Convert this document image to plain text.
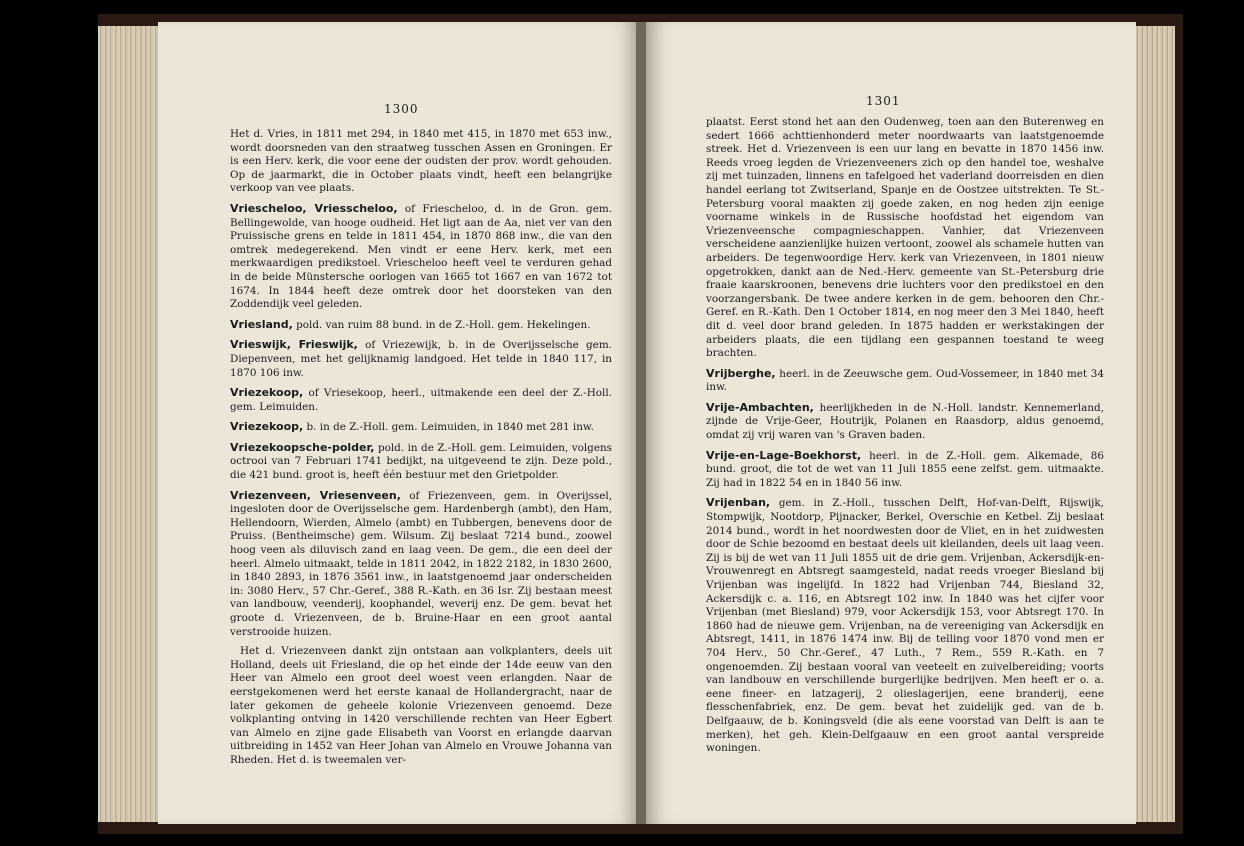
1300

Het d. Vries, in 1811 met 294, in 1840 met 415, in 1870 met 653 inw., wordt doorsneden van den straatweg tusschen Assen en Groningen. Er is een Herv. kerk, die voor eene der oudsten der prov. wordt gehouden. Op de jaarmarkt, die in October plaats vindt, heeft een belangrijke verkoop van vee plaats.

Vriescheloo, Vriesscheloo, of Friescheloo, d. in de Gron. gem. Bellingewolde, van hooge oudheid. Het ligt aan de Aa, niet ver van den Pruissische grens en telde in 1811 454, in 1870 868 inw., die van den omtrek medegerekend. Men vindt er eene Herv. kerk, met een merkwaardigen predikstoel. Vriescheloo heeft veel te verduren gehad in de beide Münstersche oorlogen van 1665 tot 1667 en van 1672 tot 1674. In 1844 heeft deze omtrek door het doorsteken van den Zoddendijk veel geleden.

Vriesland, pold. van ruim 88 bund. in de Z.-Holl. gem. Hekelingen.

Vrieswijk, Frieswijk, of Vriezewijk, b. in de Overijsselsche gem. Diepenveen, met het gelijknamig landgoed. Het telde in 1840 117, in 1870 106 inw.

Vriezekoop, of Vriesekoop, heerl., uitmakende een deel der Z.-Holl. gem. Leimuiden.

Vriezekoop, b. in de Z.-Holl. gem. Leimuiden, in 1840 met 281 inw.

Vriezekoopsche-polder, pold. in de Z.-Holl. gem. Leimuiden, volgens octrooi van 7 Februari 1741 bedijkt, na uitgeveend te zijn. Deze pold., die 421 bund. groot is, heeft één bestuur met den Grietpolder.

Vriezenveen, Vriesenveen, of Friezenveen, gem. in Overijssel, ingesloten door de Overijsselsche gem. Hardenbergh (ambt), den Ham, Hellendoorn, Wierden, Almelo (ambt) en Tubbergen, benevens door de Pruiss. (Bentheimsche) gem. Wilsum. Zij beslaat 7214 bund., zoowel hoog veen als diluvisch zand en laag veen. De gem., die een deel der heerl. Almelo uitmaakt, telde in 1811 2042, in 1822 2182, in 1830 2600, in 1840 2893, in 1876 3561 inw., in laatstgenoemd jaar onderscheiden in: 3080 Herv., 57 Chr.-Geref., 388 R.-Kath. en 36 Isr. Zij bestaan meest van landbouw, veenderij, koophandel, weverij enz. De gem. bevat het groote d. Vriezenveen, de b. Bruine-Haar en een groot aantal verstrooide huizen.

Het d. Vriezenveen dankt zijn ontstaan aan volkplanters, deels uit Holland, deels uit Friesland, die op het einde der 14de eeuw van den Heer van Almelo een groot deel woest veen erlangden. Naar de eerstgekomenen werd het eerste kanaal de Hollandergracht, naar de later gekomen de geheele kolonie Vriezenveen genoemd. Deze volkplanting ontving in 1420 verschillende rechten van Heer Egbert van Almelo en zijne gade Elisabeth van Voorst en erlangde daarvan uitbreiding in 1452 van Heer Johan van Almelo en Vrouwe Johanna van Rheden. Het d. is tweemalen ver-

1301

plaatst. Eerst stond het aan den Oudenweg, toen aan den Buterenweg en sedert 1666 achttienhonderd meter noordwaarts van laatstgenoemde streek. Het d. Vriezenveen is een uur lang en bevatte in 1870 1456 inw. Reeds vroeg legden de Vriezenveeners zich op den handel toe, weshalve zij met tuinzaden, linnens en tafelgoed het vaderland doorreisden en dien handel eerlang tot Zwitserland, Spanje en de Oostzee uitstrekten. Te St.-Petersburg vooral maakten zij goede zaken, en nog heden zijn eenige voorname winkels in de Russische hoofdstad het eigendom van Vriezenveensche compagnieschappen. Vanhier, dat Vriezenveen verscheidene aanzienlijke huizen vertoont, zoowel als schamele hutten van arbeiders. De tegenwoordige Herv. kerk van Vriezenveen, in 1801 nieuw opgetrokken, dankt aan de Ned.-Herv. gemeente van St.-Petersburg drie fraaie kaarskroonen, benevens drie luchters voor den predikstoel en den voorzangersbank. De twee andere kerken in de gem. behooren den Chr.-Geref. en R.-Kath. Den 1 October 1814, en nog meer den 3 Mei 1840, heeft dit d. veel door brand geleden. In 1875 hadden er werkstakingen der arbeiders plaats, die een tijdlang een gespannen toestand te weeg brachten.

Vrijberghe, heerl. in de Zeeuwsche gem. Oud-Vossemeer, in 1840 met 34 inw.

Vrije-Ambachten, heerlijkheden in de N.-Holl. landstr. Kennemerland, zijnde de Vrije-Geer, Houtrijk, Polanen en Raasdorp, aldus genoemd, omdat zij vrij waren van 's Graven baden.

Vrije-en-Lage-Boekhorst, heerl. in de Z.-Holl. gem. Alkemade, 86 bund. groot, die tot de wet van 11 Juli 1855 eene zelfst. gem. uitmaakte. Zij had in 1822 54 en in 1840 56 inw.

Vrijenban, gem. in Z.-Holl., tusschen Delft, Hof-van-Delft, Rijswijk, Stompwijk, Nootdorp, Pijnacker, Berkel, Overschie en Ketbel. Zij beslaat 2014 bund., wordt in het noordwesten door de Vliet, en in het zuidwesten door de Schie bezoomd en bestaat deels uit kleilanden, deels uit laag veen. Zij is bij de wet van 11 Juli 1855 uit de drie gem. Vrijenban, Ackersdijk-en-Vrouwenregt en Abtsregt saamgesteld, nadat reeds vroeger Biesland bij Vrijenban was ingelijfd. In 1822 had Vrijenban 744, Biesland 32, Ackersdijk c. a. 116, en Abtsregt 102 inw. In 1840 was het cijfer voor Vrijenban (met Biesland) 979, voor Ackersdijk 153, voor Abtsregt 170. In 1860 had de nieuwe gem. Vrijenban, na de vereeniging van Ackersdijk en Abtsregt, 1411, in 1876 1474 inw. Bij de telling voor 1870 vond men er 704 Herv., 50 Chr.-Geref., 47 Luth., 7 Rem., 559 R.-Kath. en 7 ongenoemden. Zij bestaan vooral van veeteelt en zuivelbereiding; voorts van landbouw en verschillende burgerlijke bedrijven. Men heeft er o. a. eene fineer- en latzagerij, 2 olieslagerijen, eene branderij, eene flesschenfabriek, enz. De gem. bevat het zuidelijk ged. van de b. Delfgaauw, de b. Koningsveld (die als eene voorstad van Delft is aan te merken), het geh. Klein-Delfgaauw en een groot aantal verspreide woningen.
